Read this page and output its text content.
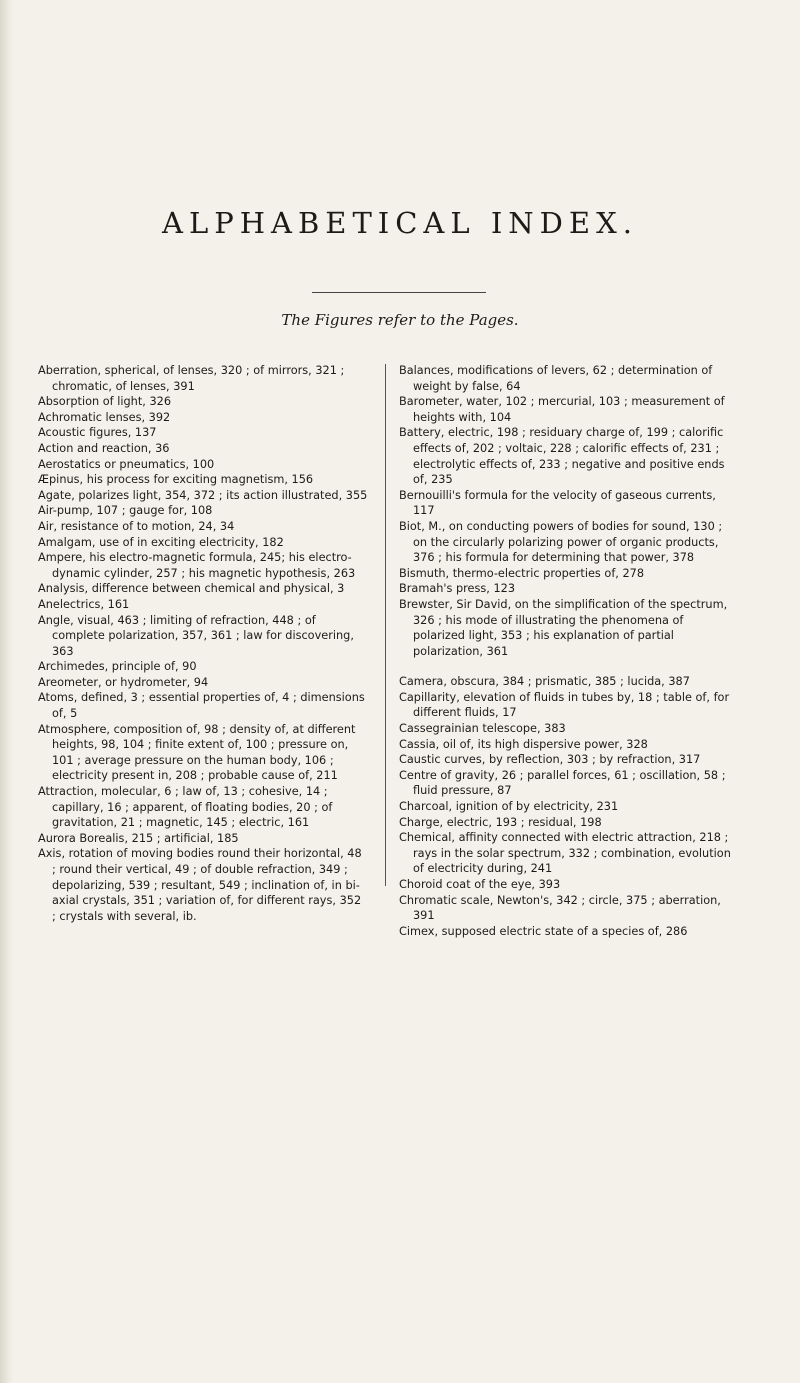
ALPHABETICAL INDEX.

The Figures refer to the Pages.

Aberration, spherical, of lenses, 320 ; of mirrors, 321 ; chromatic, of lenses, 391

Absorption of light, 326

Achromatic lenses, 392

Acoustic figures, 137

Action and reaction, 36

Aerostatics or pneumatics, 100

Æpinus, his process for exciting magnetism, 156

Agate, polarizes light, 354, 372 ; its action illustrated, 355

Air-pump, 107 ; gauge for, 108

Air, resistance of to motion, 24, 34

Amalgam, use of in exciting electricity, 182

Ampere, his electro-magnetic formula, 245; his electro-dynamic cylinder, 257 ; his magnetic hypothesis, 263

Analysis, difference between chemical and physical, 3

Anelectrics, 161

Angle, visual, 463 ; limiting of refraction, 448 ; of complete polarization, 357, 361 ; law for discovering, 363

Archimedes, principle of, 90

Areometer, or hydrometer, 94

Atoms, defined, 3 ; essential properties of, 4 ; dimensions of, 5

Atmosphere, composition of, 98 ; density of, at different heights, 98, 104 ; finite extent of, 100 ; pressure on, 101 ; average pressure on the human body, 106 ; electricity present in, 208 ; probable cause of, 211

Attraction, molecular, 6 ; law of, 13 ; cohesive, 14 ; capillary, 16 ; apparent, of floating bodies, 20 ; of gravitation, 21 ; magnetic, 145 ; electric, 161

Aurora Borealis, 215 ; artificial, 185

Axis, rotation of moving bodies round their horizontal, 48 ; round their vertical, 49 ; of double refraction, 349 ; depolarizing, 539 ; resultant, 549 ; inclination of, in bi-axial crystals, 351 ; variation of, for different rays, 352 ; crystals with several, ib.

Balances, modifications of levers, 62 ; determination of weight by false, 64

Barometer, water, 102 ; mercurial, 103 ; measurement of heights with, 104

Battery, electric, 198 ; residuary charge of, 199 ; calorific effects of, 202 ; voltaic, 228 ; calorific effects of, 231 ; electrolytic effects of, 233 ; negative and positive ends of, 235

Bernouilli's formula for the velocity of gaseous currents, 117

Biot, M., on conducting powers of bodies for sound, 130 ; on the circularly polarizing power of organic products, 376 ; his formula for determining that power, 378

Bismuth, thermo-electric properties of, 278

Bramah's press, 123

Brewster, Sir David, on the simplification of the spectrum, 326 ; his mode of illustrating the phenomena of polarized light, 353 ; his explanation of partial polarization, 361

Camera, obscura, 384 ; prismatic, 385 ; lucida, 387

Capillarity, elevation of fluids in tubes by, 18 ; table of, for different fluids, 17

Cassegrainian telescope, 383

Cassia, oil of, its high dispersive power, 328

Caustic curves, by reflection, 303 ; by refraction, 317

Centre of gravity, 26 ; parallel forces, 61 ; oscillation, 58 ; fluid pressure, 87

Charcoal, ignition of by electricity, 231

Charge, electric, 193 ; residual, 198

Chemical, affinity connected with electric attraction, 218 ; rays in the solar spectrum, 332 ; combination, evolution of electricity during, 241

Choroid coat of the eye, 393

Chromatic scale, Newton's, 342 ; circle, 375 ; aberration, 391

Cimex, supposed electric state of a species of, 286
